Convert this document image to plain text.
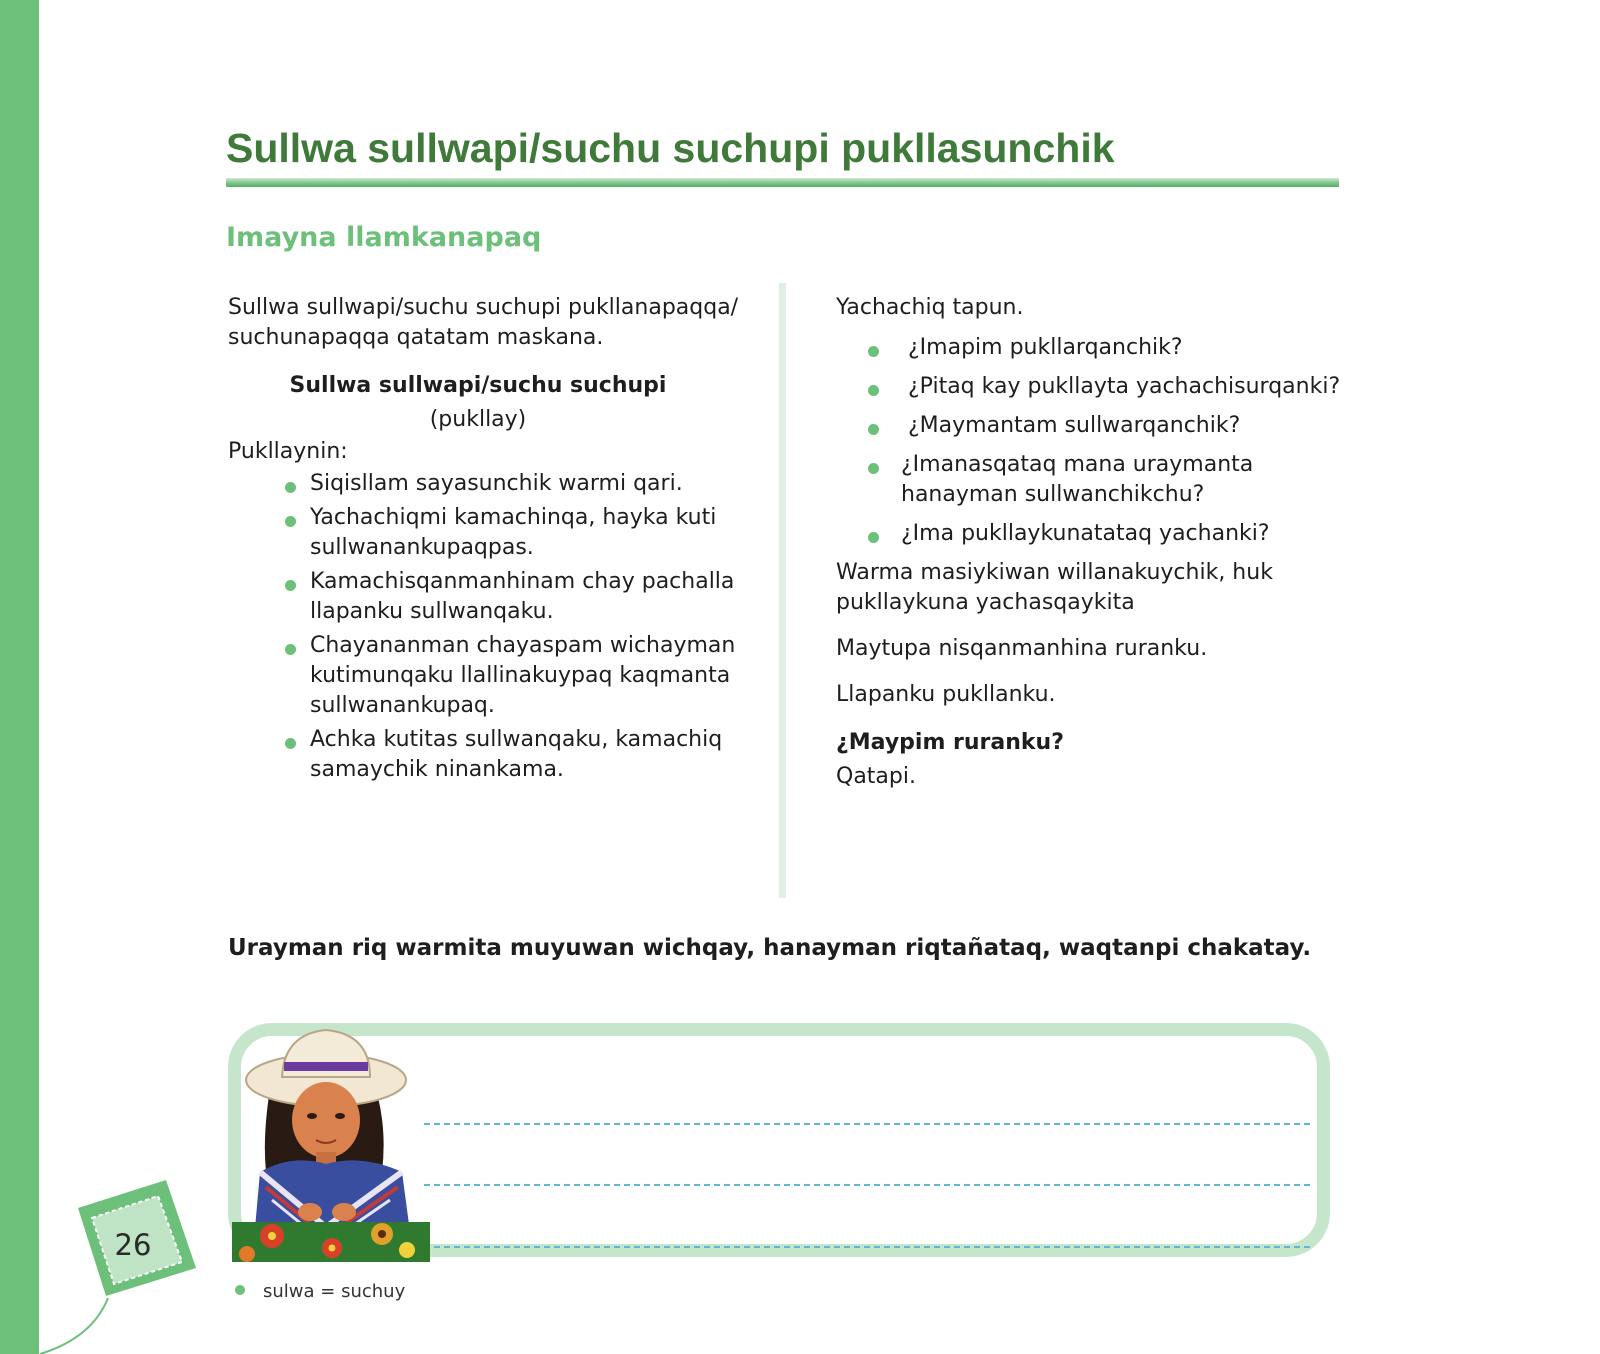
Sullwa sullwapi/suchu suchupi pukllasunchik
Imayna llamkanapaq

Sullwa sullwapi/suchu suchupi pukllanapaqqa/ suchunapaqqa qatatam maskana.

Sullwa sullwapi/suchu suchupi

(pukllay)

Pukllaynin:

Siqisllam sayasunchik warmi qari.
Yachachiqmi kamachinqa, hayka kuti sullwanankupaqpas.
Kamachisqanmanhinam chay pachalla llapanku sullwanqaku.
Chayananman chayaspam wichayman kutimunqaku llallinakuypaq kaqmanta sullwanankupaq.
Achka kutitas sullwanqaku, kamachiq samaychik ninankama.

Yachachiq tapun.

¿Imapim pukllarqanchik?
¿Pitaq kay pukllayta yachachisurqanki?
¿Maymantam sullwarqanchik?
¿Imanasqataq mana uraymanta hanayman sullwanchikchu?
¿Ima pukllaykunatataq yachanki?

Warma masiykiwan willanakuychik, huk pukllaykuna yachasqaykita

Maytupa nisqanmanhina ruranku.

Llapanku pukllanku.

¿Maypim ruranku?

Qatapi.

Urayman riq warmita muyuwan wichqay, hanayman riqtañataq, waqtanpi chakatay.

26

sulwa = suchuy
